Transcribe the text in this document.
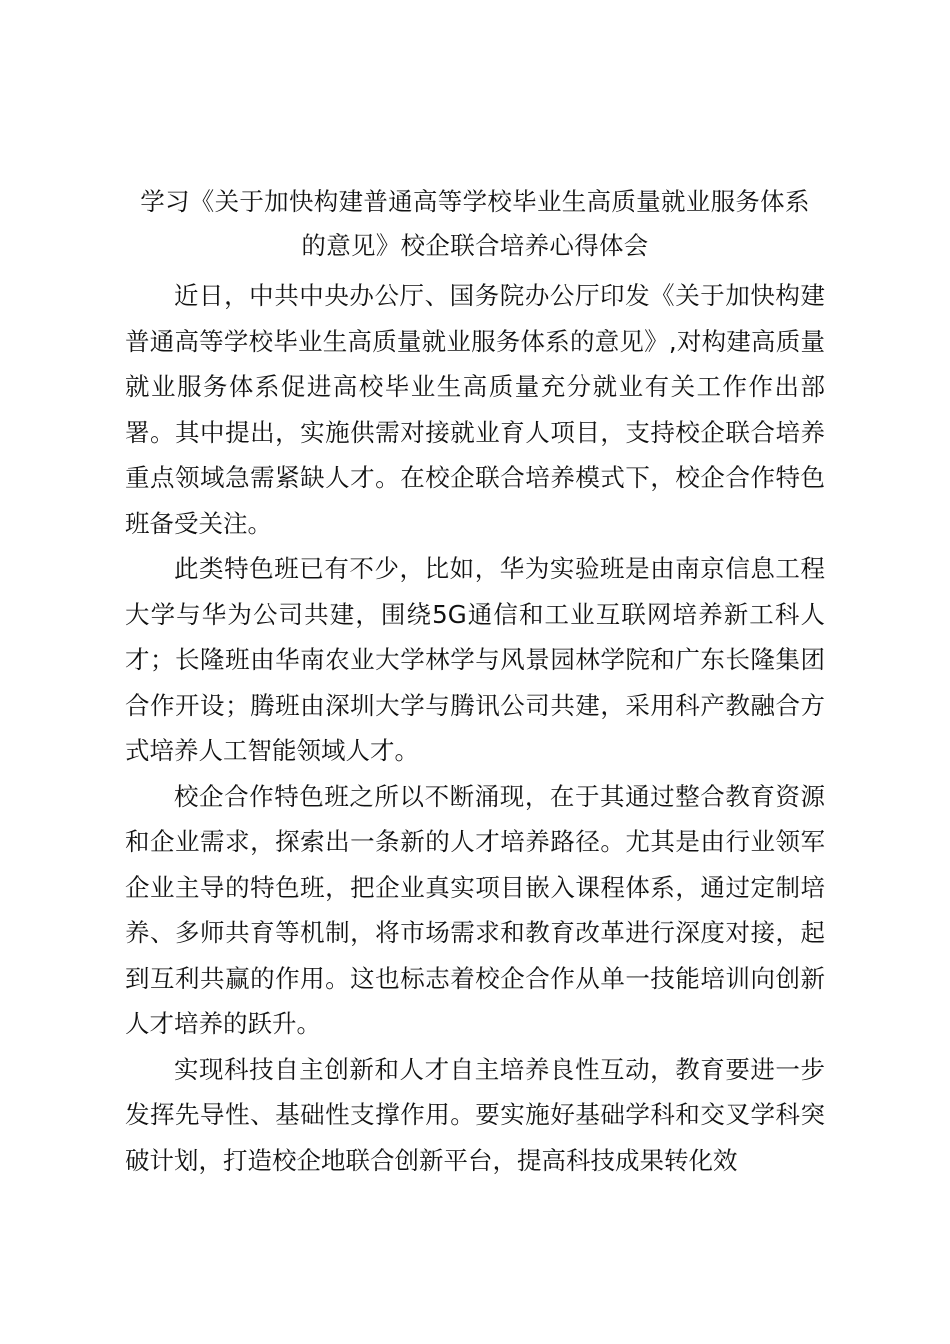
学习《关于加快构建普通高等学校毕业生高质量就业服务体系
的意见》校企联合培养心得体会

近日，中共中央办公厅、国务院办公厅印发《关于加快构建普通高等学校毕业生高质量就业服务体系的意见》,对构建高质量就业服务体系促进高校毕业生高质量充分就业有关工作作出部署。其中提出，实施供需对接就业育人项目，支持校企联合培养重点领域急需紧缺人才。在校企联合培养模式下，校企合作特色班备受关注。

此类特色班已有不少，比如，华为实验班是由南京信息工程大学与华为公司共建，围绕5G通信和工业互联网培养新工科人才；长隆班由华南农业大学林学与风景园林学院和广东长隆集团合作开设；腾班由深圳大学与腾讯公司共建，采用科产教融合方式培养人工智能领域人才。

校企合作特色班之所以不断涌现，在于其通过整合教育资源和企业需求，探索出一条新的人才培养路径。尤其是由行业领军企业主导的特色班，把企业真实项目嵌入课程体系，通过定制培养、多师共育等机制，将市场需求和教育改革进行深度对接，起到互利共赢的作用。这也标志着校企合作从单一技能培训向创新人才培养的跃升。

实现科技自主创新和人才自主培养良性互动，教育要进一步发挥先导性、基础性支撑作用。要实施好基础学科和交叉学科突破计划，打造校企地联合创新平台，提高科技成果转化效
